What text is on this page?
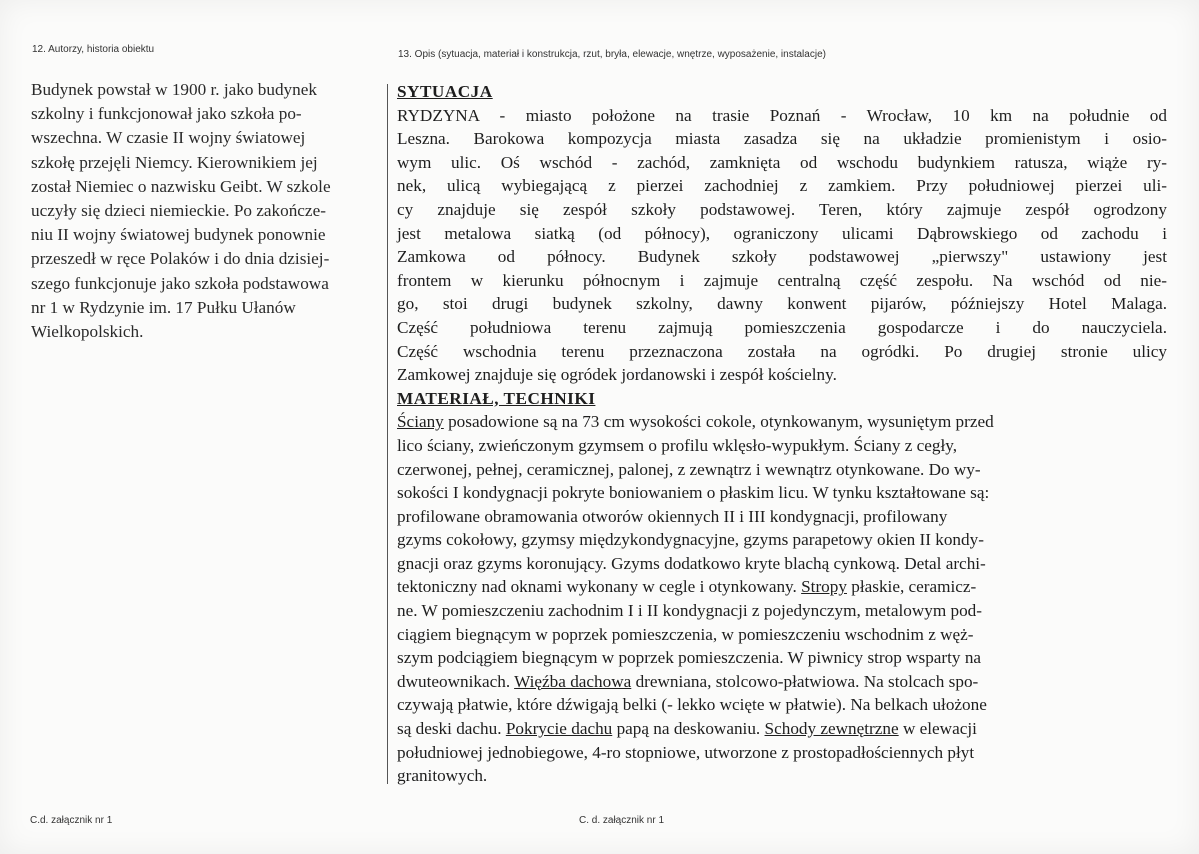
12. Autorzy, historia obiektu	13. Opis (sytuacja, materiał i konstrukcja, rzut, bryła, elewacje, wnętrze, wyposażenie, instalacje)
Budynek powstał w 1900 r. jako budynek
szkolny i funkcjonował jako szkoła po-
wszechna. W czasie II wojny światowej
szkołę przejęli Niemcy. Kierownikiem jej
został Niemiec o nazwisku Geibt. W szkole
uczyły się dzieci niemieckie. Po zakończe-
niu II wojny światowej budynek ponownie
przeszedł w ręce Polaków i do dnia dzisiej-
szego funkcjonuje jako szkoła podstawowa
nr 1 w Rydzynie im. 17 Pułku Ułanów
Wielkopolskich.
SYTUACJA
RYDZYNA - miasto położone na trasie Poznań - Wrocław, 10 km na południe od
Leszna. Barokowa kompozycja miasta zasadza się na układzie promienistym i osio-
wym ulic. Oś wschód - zachód, zamknięta od wschodu budynkiem ratusza, wiąże ry-
nek, ulicą wybiegającą z pierzei zachodniej z zamkiem. Przy południowej pierzei uli-
cy znajduje się zespół szkoły podstawowej. Teren, który zajmuje zespół ogrodzony
jest metalowa siatką (od północy), ograniczony ulicami Dąbrowskiego od zachodu i
Zamkowa od północy. Budynek szkoły podstawowej „pierwszy" ustawiony jest
frontem w kierunku północnym i zajmuje centralną część zespołu. Na wschód od nie-
go, stoi drugi budynek szkolny, dawny konwent pijarów, późniejszy Hotel Malaga.
Część południowa terenu zajmują pomieszczenia gospodarcze i do nauczyciela.
Część wschodnia terenu przeznaczona została na ogródki. Po drugiej stronie ulicy
Zamkowej znajduje się ogródek jordanowski i zespół kościelny.
MATERIAŁ, TECHNIKI
Ściany posadowione są na 73 cm wysokości cokole, otynkowanym, wysuniętym przed
lico ściany, zwieńczonym gzymsem o profilu wklęsło-wypukłym. Ściany z cegły,
czerwonej, pełnej, ceramicznej, palonej, z zewnątrz i wewnątrz otynkowane. Do wy-
sokości I kondygnacji pokryte boniowaniem o płaskim licu. W tynku kształtowane są:
profilowane obramowania otworów okiennych II i III kondygnacji, profilowany
gzyms cokołowy, gzymsy międzykondygnacyjne, gzyms parapetowy okien II kondy-
gnacji oraz gzyms koronujący. Gzyms dodatkowo kryte blachą cynkową. Detal archi-
tektoniczny nad oknami wykonany w cegle i otynkowany. Stropy płaskie, ceramicz-
ne. W pomieszczeniu zachodnim I i II kondygnacji z pojedynczym, metalowym pod-
ciągiem biegnącym w poprzek pomieszczenia, w pomieszczeniu wschodnim z węż-
szym podciągiem biegnącym w poprzek pomieszczenia. W piwnicy strop wsparty na
dwuteownikach. Więźba dachowa drewniana, stolcowo-płatwiowa. Na stolcach spo-
czywają płatwie, które dźwigają belki (- lekko wcięte w płatwie). Na belkach ułożone
są deski dachu. Pokrycie dachu papą na deskowaniu. Schody zewnętrzne w elewacji
południowej jednobiegowe, 4-ro stopniowe, utworzone z prostopadłościennych płyt
granitowych.
C.d. załącznik nr 1	C. d. załącznik nr 1
